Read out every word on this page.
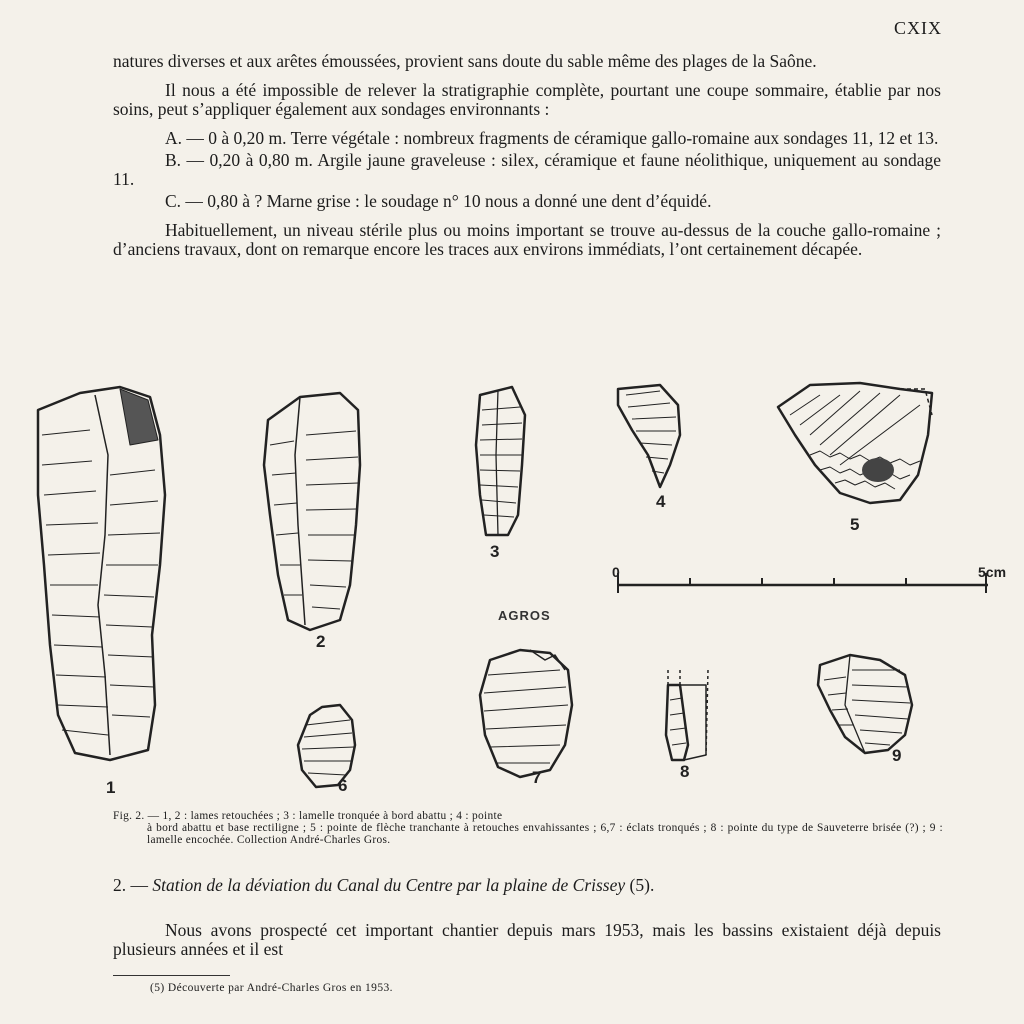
CXIX

natures diverses et aux arêtes émoussées, provient sans doute du sable même des plages de la Saône.

Il nous a été impossible de relever la stratigraphie complète, pourtant une coupe sommaire, établie par nos soins, peut s’appliquer également aux sondages environnants :

A. — 0 à 0,20 m. Terre végétale : nombreux fragments de céramique gallo-romaine aux sondages 11, 12 et 13.

B. — 0,20 à 0,80 m. Argile jaune graveleuse : silex, céramique et faune néolithique, uniquement au sondage 11.

C. — 0,80 à ? Marne grise : le soudage n° 10 nous a donné une dent d’équidé.

Habituellement, un niveau stérile plus ou moins important se trouve au-dessus de la couche gallo-romaine ; d’anciens travaux, dont on remarque encore les traces aux environs immédiats, l’ont certainement décapée.

1
2
3
4
5
6	7	8
9
0	5cm
AGROS
Fig. 2. — 1, 2 : lames retouchées ; 3 : lamelle tronquée à bord abattu ; 4 : pointe
à bord abattu et base rectiligne ; 5 : pointe de flèche tranchante à retouches envahissantes ; 6,7 : éclats tronqués ; 8 : pointe du type de Sauveterre brisée (?) ; 9 : lamelle encochée. Collection André-Charles Gros.
2. — Station de la déviation du Canal du Centre par la plaine de Crissey (5).
Nous avons prospecté cet important chantier depuis mars 1953, mais les bassins existaient déjà depuis plusieurs années et il est
(5) Découverte par André-Charles Gros en 1953.
